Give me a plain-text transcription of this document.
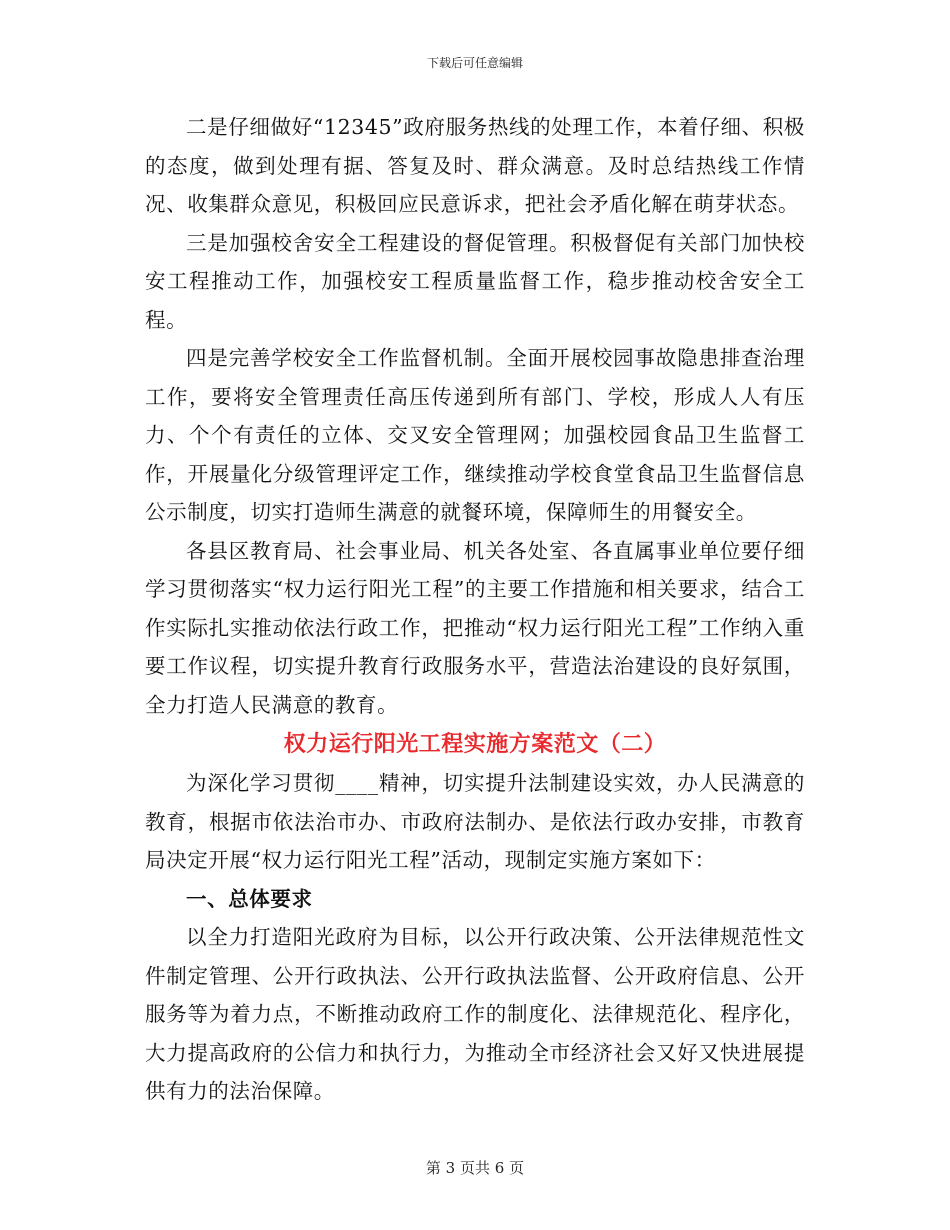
下载后可任意编辑

二是仔细做好“12345”政府服务热线的处理工作，本着仔细、积极的态度，做到处理有据、答复及时、群众满意。及时总结热线工作情况、收集群众意见，积极回应民意诉求，把社会矛盾化解在萌芽状态。

三是加强校舍安全工程建设的督促管理。积极督促有关部门加快校安工程推动工作，加强校安工程质量监督工作，稳步推动校舍安全工程。

四是完善学校安全工作监督机制。全面开展校园事故隐患排查治理工作，要将安全管理责任高压传递到所有部门、学校，形成人人有压力、个个有责任的立体、交叉安全管理网；加强校园食品卫生监督工作，开展量化分级管理评定工作，继续推动学校食堂食品卫生监督信息公示制度，切实打造师生满意的就餐环境，保障师生的用餐安全。

各县区教育局、社会事业局、机关各处室、各直属事业单位要仔细学习贯彻落实“权力运行阳光工程”的主要工作措施和相关要求，结合工作实际扎实推动依法行政工作，把推动“权力运行阳光工程”工作纳入重要工作议程，切实提升教育行政服务水平，营造法治建设的良好氛围，全力打造人民满意的教育。

权力运行阳光工程实施方案范文（二）

为深化学习贯彻____精神，切实提升法制建设实效，办人民满意的教育，根据市依法治市办、市政府法制办、是依法行政办安排，市教育局决定开展“权力运行阳光工程”活动，现制定实施方案如下：

一、总体要求

以全力打造阳光政府为目标，以公开行政决策、公开法律规范性文件制定管理、公开行政执法、公开行政执法监督、公开政府信息、公开服务等为着力点，不断推动政府工作的制度化、法律规范化、程序化，大力提高政府的公信力和执行力，为推动全市经济社会又好又快进展提供有力的法治保障。

第 3 页共 6 页
